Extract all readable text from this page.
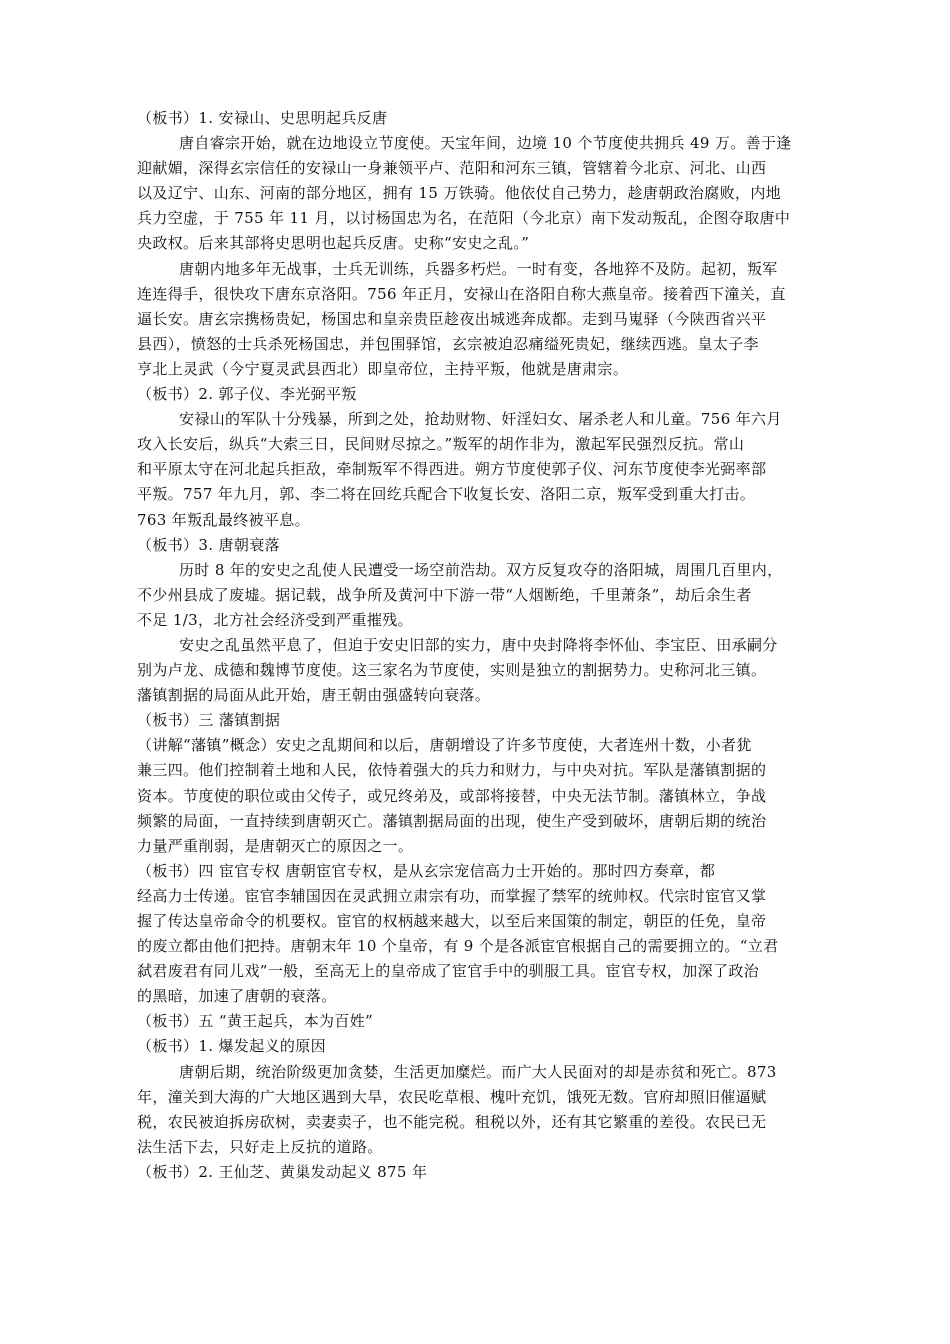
（板书）1. 安禄山、史思明起兵反唐
唐自睿宗开始，就在边地设立节度使。天宝年间，边境 10 个节度使共拥兵 49 万。善于逢
迎献媚，深得玄宗信任的安禄山一身兼领平卢、范阳和河东三镇，管辖着今北京、河北、山西
以及辽宁、山东、河南的部分地区，拥有 15 万铁骑。他依仗自己势力，趁唐朝政治腐败，内地
兵力空虚，于 755 年 11 月，以讨杨国忠为名，在范阳（今北京）南下发动叛乱，企图夺取唐中
央政权。后来其部将史思明也起兵反唐。史称“安史之乱。”
唐朝内地多年无战事，士兵无训练，兵器多朽烂。一时有变，各地猝不及防。起初，叛军
连连得手，很快攻下唐东京洛阳。756 年正月，安禄山在洛阳自称大燕皇帝。接着西下潼关，直
逼长安。唐玄宗携杨贵妃，杨国忠和皇亲贵臣趁夜出城逃奔成都。走到马嵬驿（今陕西省兴平
县西），愤怒的士兵杀死杨国忠，并包围驿馆，玄宗被迫忍痛缢死贵妃，继续西逃。皇太子李
亨北上灵武（今宁夏灵武县西北）即皇帝位，主持平叛，他就是唐肃宗。
（板书）2. 郭子仪、李光弼平叛
安禄山的军队十分残暴，所到之处，抢劫财物、奸淫妇女、屠杀老人和儿童。756 年六月
攻入长安后，纵兵“大索三日，民间财尽掠之。”叛军的胡作非为，激起军民强烈反抗。常山
和平原太守在河北起兵拒敌，牵制叛军不得西进。朔方节度使郭子仪、河东节度使李光弼率部
平叛。757 年九月，郭、李二将在回纥兵配合下收复长安、洛阳二京，叛军受到重大打击。
763 年叛乱最终被平息。
（板书）3. 唐朝衰落
历时 8 年的安史之乱使人民遭受一场空前浩劫。双方反复攻夺的洛阳城，周围几百里内，
不少州县成了废墟。据记载，战争所及黄河中下游一带“人烟断绝，千里萧条”，劫后余生者
不足 1/3，北方社会经济受到严重摧残。
安史之乱虽然平息了，但迫于安史旧部的实力，唐中央封降将李怀仙、李宝臣、田承嗣分
别为卢龙、成德和魏博节度使。这三家名为节度使，实则是独立的割据势力。史称河北三镇。
藩镇割据的局面从此开始，唐王朝由强盛转向衰落。
（板书）三 藩镇割据
（讲解“藩镇”概念）安史之乱期间和以后，唐朝增设了许多节度使，大者连州十数，小者犹
兼三四。他们控制着土地和人民，依恃着强大的兵力和财力，与中央对抗。军队是藩镇割据的
资本。节度使的职位或由父传子，或兄终弟及，或部将接替，中央无法节制。藩镇林立，争战
频繁的局面，一直持续到唐朝灭亡。藩镇割据局面的出现，使生产受到破坏，唐朝后期的统治
力量严重削弱，是唐朝灭亡的原因之一。
（板书）四 宦官专权 唐朝宦官专权，是从玄宗宠信高力士开始的。那时四方奏章，都
经高力士传递。宦官李辅国因在灵武拥立肃宗有功，而掌握了禁军的统帅权。代宗时宦官又掌
握了传达皇帝命令的机要权。宦官的权柄越来越大，以至后来国策的制定，朝臣的任免，皇帝
的废立都由他们把持。唐朝末年 10 个皇帝，有 9 个是各派宦官根据自己的需要拥立的。“立君
弑君废君有同儿戏”一般，至高无上的皇帝成了宦官手中的驯服工具。宦官专权，加深了政治
的黑暗，加速了唐朝的衰落。
（板书）五 “黄王起兵，本为百姓”
（板书）1. 爆发起义的原因
唐朝后期，统治阶级更加贪婪，生活更加糜烂。而广大人民面对的却是赤贫和死亡。873
年，潼关到大海的广大地区遇到大旱，农民吃草根、槐叶充饥，饿死无数。官府却照旧催逼赋
税，农民被迫拆房砍树，卖妻卖子，也不能完税。租税以外，还有其它繁重的差役。农民已无
法生活下去，只好走上反抗的道路。
（板书）2. 王仙芝、黄巢发动起义 875 年
